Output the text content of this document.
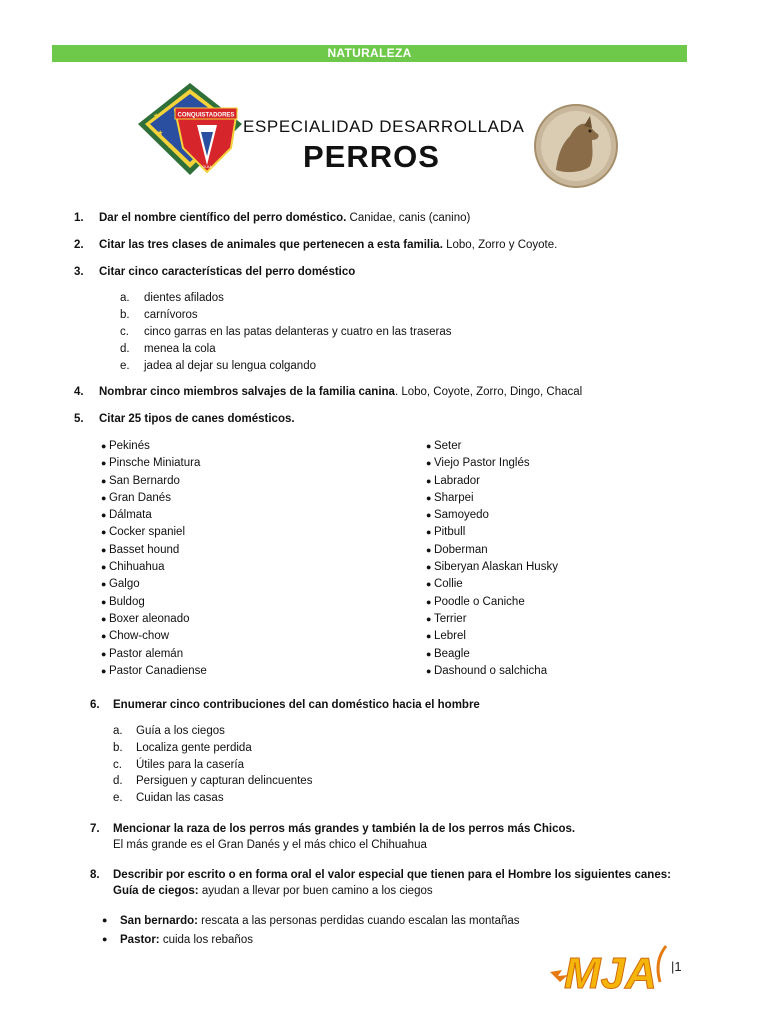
NATURALEZA
★
★
★
CONQUISTADORES
GUIA
ESPECIALIDAD DESARROLLADA
PERROS
1. Dar el nombre científico del perro doméstico. Canidae, canis (canino)
2. Citar las tres clases de animales que pertenecen a esta familia. Lobo, Zorro y Coyote.
3. Citar cinco características del perro doméstico
a. dientes afilados
b. carnívoros
c. cinco garras en las patas delanteras y cuatro en las traseras
d. menea la cola
e. jadea al dejar su lengua colgando
4. Nombrar cinco miembros salvajes de la familia canina. Lobo, Coyote, Zorro, Dingo, Chacal
5. Citar 25 tipos de canes domésticos.
● Pekinés
● Pinsche Miniatura
● San Bernardo
● Gran Danés
● Dálmata
● Cocker spaniel
● Basset hound
● Chihuahua
● Galgo
● Buldog
● Boxer aleonado
● Chow-chow
● Pastor alemán
● Pastor Canadiense
● Seter
● Viejo Pastor Inglés
● Labrador
● Sharpei
● Samoyedo
● Pitbull
● Doberman
● Siberyan Alaskan Husky
● Collie
● Poodle o Caniche
● Terrier
● Lebrel
● Beagle
● Dashound o salchicha
6. Enumerar cinco contribuciones del can doméstico hacia el hombre
a. Guía a los ciegos
b. Localiza gente perdida
c. Útiles para la casería
d. Persiguen y capturan delincuentes
e. Cuidan las casas
7. Mencionar la raza de los perros más grandes y también la de los perros más Chicos.
El más grande es el Gran Danés y el más chico el Chihuahua
8. Describir por escrito o en forma oral el valor especial que tienen para el Hombre los siguientes canes:
Guía de ciegos: ayudan a llevar por buen camino a los ciegos
● San bernardo: rescata a las personas perdidas cuando escalan las montañas
● Pastor: cuida los rebaños
MJA |1
